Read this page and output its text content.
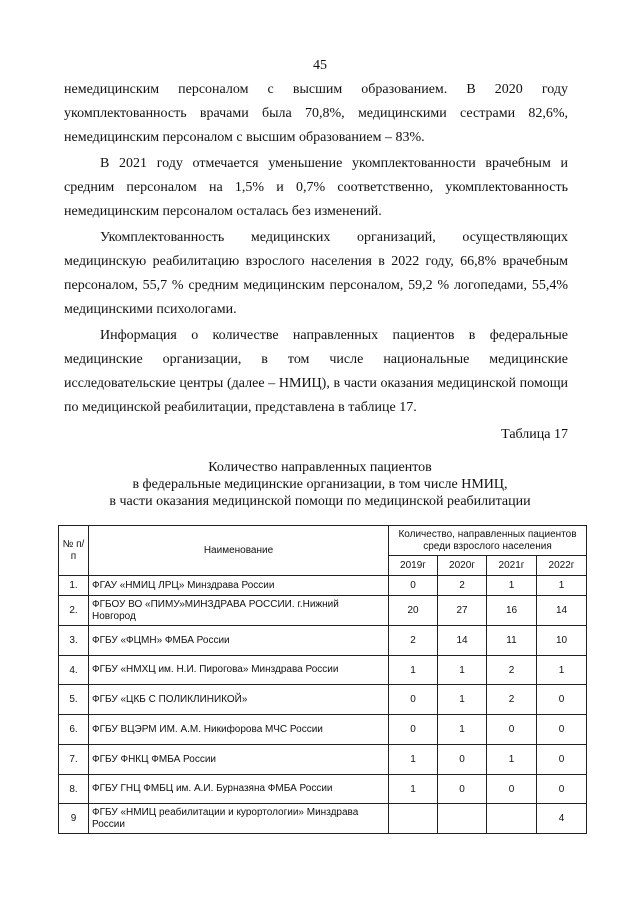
45

немедицинским персоналом с высшим образованием. В 2020 году укомплектованность врачами была 70,8%, медицинскими сестрами 82,6%, немедицинским персоналом с высшим образованием – 83%.

В 2021 году отмечается уменьшение укомплектованности врачебным и средним персоналом на 1,5% и 0,7% соответственно, укомплектованность немедицинским персоналом осталась без изменений.

Укомплектованность медицинских организаций, осуществляющих медицинскую реабилитацию взрослого населения в 2022 году, 66,8% врачебным персоналом, 55,7 % средним медицинским персоналом, 59,2 % логопедами, 55,4% медицинскими психологами.

Информация о количестве направленных пациентов в федеральные медицинские организации, в том числе национальные медицинские исследовательские центры (далее – НМИЦ), в части оказания медицинской помощи по медицинской реабилитации, представлена в таблице 17.

Таблица 17
Количество направленных пациентов
в федеральные медицинские организации, в том числе НМИЦ,
в части оказания медицинской помощи по медицинской реабилитации
№ п/п	Наименование	Количество, направленных пациентов среди взрослого населения			
		2019г	2020г	2021г	2022г
1.	ФГАУ «НМИЦ ЛРЦ» Минздрава России	0	2	1	1
2.	ФГБОУ ВО «ПИМУ»МИНЗДРАВА РОССИИ. г.Нижний Новгород	20	27	16	14
3.	ФГБУ «ФЦМН» ФМБА России	2	14	11	10
4.	ФГБУ «НМХЦ им. Н.И. Пирогова» Минздрава России	1	1	2	1
5.	ФГБУ «ЦКБ С ПОЛИКЛИНИКОЙ»	0	1	2	0
6.	ФГБУ ВЦЭРМ ИМ. А.М. Никифорова МЧС России	0	1	0	0
7.	ФГБУ ФНКЦ ФМБА России	1	0	1	0
8.	ФГБУ ГНЦ ФМБЦ им. А.И. Бурназяна ФМБА России	1	0	0	0
9	ФГБУ «НМИЦ реабилитации и курортологии» Минздрава России				4
